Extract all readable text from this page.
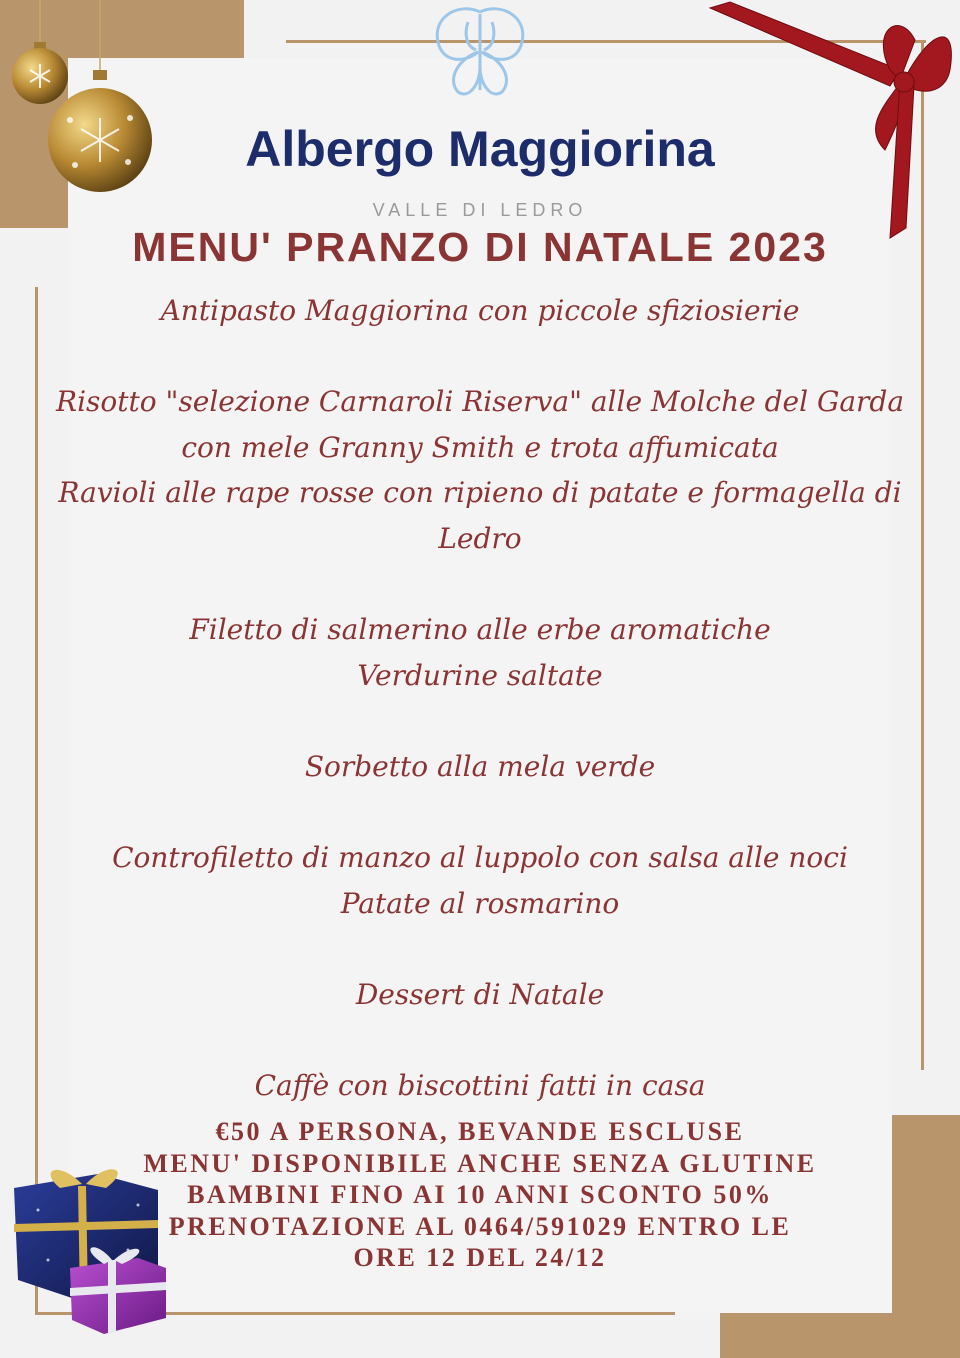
Albergo Maggiorina
VALLE DI LEDRO
MENU' PRANZO DI NATALE 2023
Antipasto Maggiorina con piccole sfiziosierie
Risotto "selezione Carnaroli Riserva" alle Molche del Garda
con mele Granny Smith e trota affumicata
Ravioli alle rape rosse con ripieno di patate e formagella di
Ledro
Filetto di salmerino alle erbe aromatiche
Verdurine saltate
Sorbetto alla mela verde
Controfiletto di manzo al luppolo con salsa alle noci
Patate al rosmarino
Dessert di Natale
Caffè con biscottini fatti in casa
€50 A PERSONA, BEVANDE ESCLUSE
MENU' DISPONIBILE ANCHE SENZA GLUTINE
BAMBINI FINO AI 10 ANNI SCONTO 50%
PRENOTAZIONE AL 0464/591029 ENTRO LE
ORE 12 DEL 24/12
